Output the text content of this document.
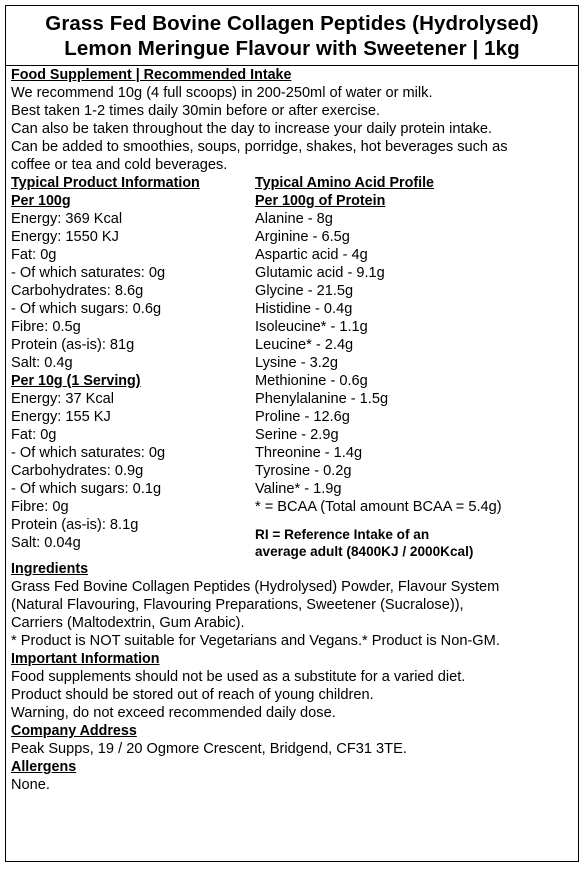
Grass Fed Bovine Collagen Peptides (Hydrolysed)
Lemon Meringue Flavour with Sweetener | 1kg
Food Supplement | Recommended Intake
We recommend 10g (4 full scoops) in 200-250ml of water or milk.
Best taken 1-2 times daily 30min before or after exercise.
Can also be taken throughout the day to increase your daily protein intake.
Can be added to smoothies, soups, porridge, shakes, hot beverages such as
coffee or tea and cold beverages.
Typical Product Information
Per 100g
Energy: 369 Kcal
Energy: 1550 KJ
Fat: 0g
- Of which saturates: 0g
Carbohydrates: 8.6g
- Of which sugars: 0.6g
Fibre: 0.5g
Protein (as-is): 81g
Salt: 0.4g
Per 10g (1 Serving)
Energy: 37 Kcal
Energy: 155 KJ
Fat: 0g
- Of which saturates: 0g
Carbohydrates: 0.9g
- Of which sugars: 0.1g
Fibre: 0g
Protein (as-is): 8.1g
Salt: 0.04g
Typical Amino Acid Profile
Per 100g of Protein
Alanine - 8g
Arginine - 6.5g
Aspartic acid - 4g
Glutamic acid - 9.1g
Glycine - 21.5g
Histidine - 0.4g
Isoleucine* - 1.1g
Leucine* - 2.4g
Lysine - 3.2g
Methionine - 0.6g
Phenylalanine - 1.5g
Proline - 12.6g
Serine - 2.9g
Threonine - 1.4g
Tyrosine - 0.2g
Valine* - 1.9g
* = BCAA (Total amount BCAA = 5.4g)
RI = Reference Intake of an
average adult (8400KJ / 2000Kcal)
Ingredients
Grass Fed Bovine Collagen Peptides (Hydrolysed) Powder, Flavour System
(Natural Flavouring, Flavouring Preparations, Sweetener (Sucralose)),
Carriers (Maltodextrin, Gum Arabic).
* Product is NOT suitable for Vegetarians and Vegans.* Product is Non-GM.
Important Information
Food supplements should not be used as a substitute for a varied diet.
Product should be stored out of reach of young children.
Warning, do not exceed recommended daily dose.
Company Address
Peak Supps, 19 / 20 Ogmore Crescent, Bridgend, CF31 3TE.
Allergens
None.
